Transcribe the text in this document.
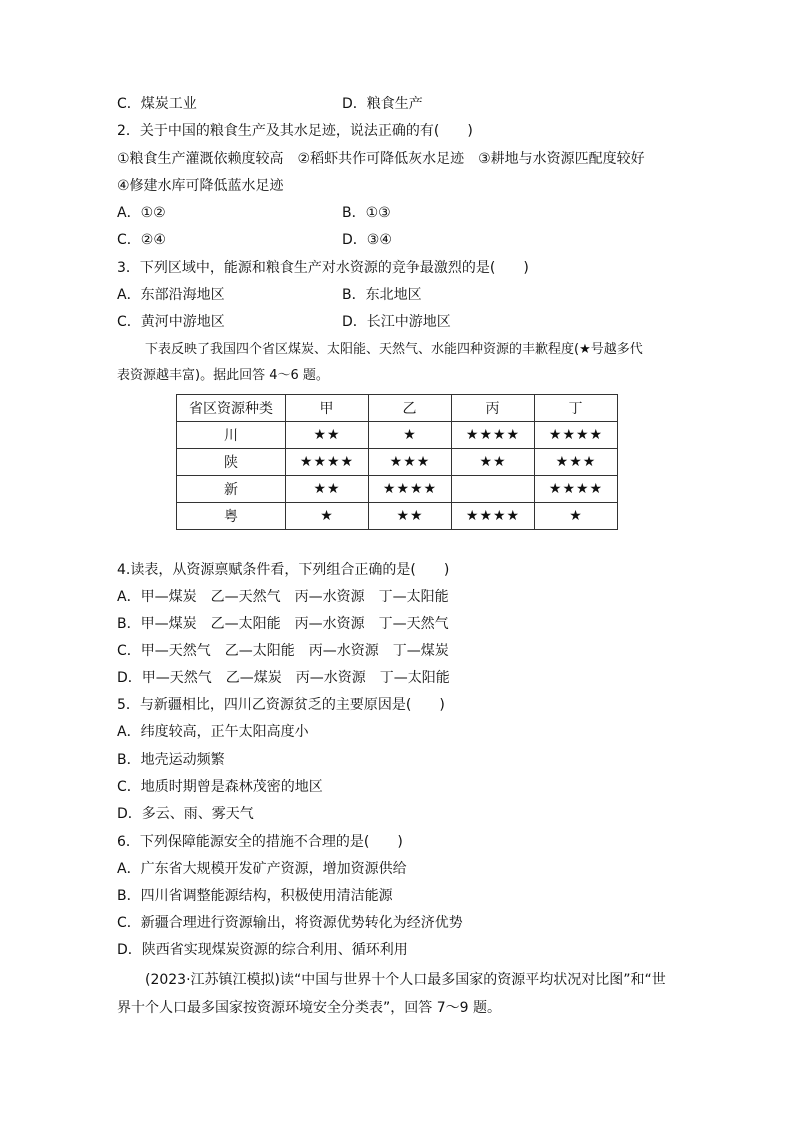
C．煤炭工业	D．粮食生产
2．关于中国的粮食生产及其水足迹，说法正确的有(　　)
①粮食生产灌溉依赖度较高　②稻虾共作可降低灰水足迹　③耕地与水资源匹配度较好
④修建水库可降低蓝水足迹
A．①②	B．①③
C．②④	D．③④
3．下列区域中，能源和粮食生产对水资源的竞争最激烈的是(　　)
A．东部沿海地区	B．东北地区
C．黄河中游地区	D．长江中游地区
下表反映了我国四个省区煤炭、太阳能、天然气、水能四种资源的丰歉程度(★号越多代
表资源越丰富)。据此回答 4～6 题。
省区资源种类	甲	乙	丙	丁
川	★★	★	★★★★	★★★★
陕	★★★★	★★★	★★	★★★
新	★★	★★★★		★★★★
粤	★	★★	★★★★	★
4.读表，从资源禀赋条件看，下列组合正确的是(　　)
A．甲—煤炭　乙—天然气　丙—水资源　丁—太阳能
B．甲—煤炭　乙—太阳能　丙—水资源　丁—天然气
C．甲—天然气　乙—太阳能　丙—水资源　丁—煤炭
D．甲—天然气　乙—煤炭　丙—水资源　丁—太阳能
5．与新疆相比，四川乙资源贫乏的主要原因是(　　)
A．纬度较高，正午太阳高度小
B．地壳运动频繁
C．地质时期曾是森林茂密的地区
D．多云、雨、雾天气
6．下列保障能源安全的措施不合理的是(　　)
A．广东省大规模开发矿产资源，增加资源供给
B．四川省调整能源结构，积极使用清洁能源
C．新疆合理进行资源输出，将资源优势转化为经济优势
D．陕西省实现煤炭资源的综合利用、循环利用
(2023·江苏镇江模拟)读“中国与世界十个人口最多国家的资源平均状况对比图”和“世
界十个人口最多国家按资源环境安全分类表”，回答 7～9 题。
